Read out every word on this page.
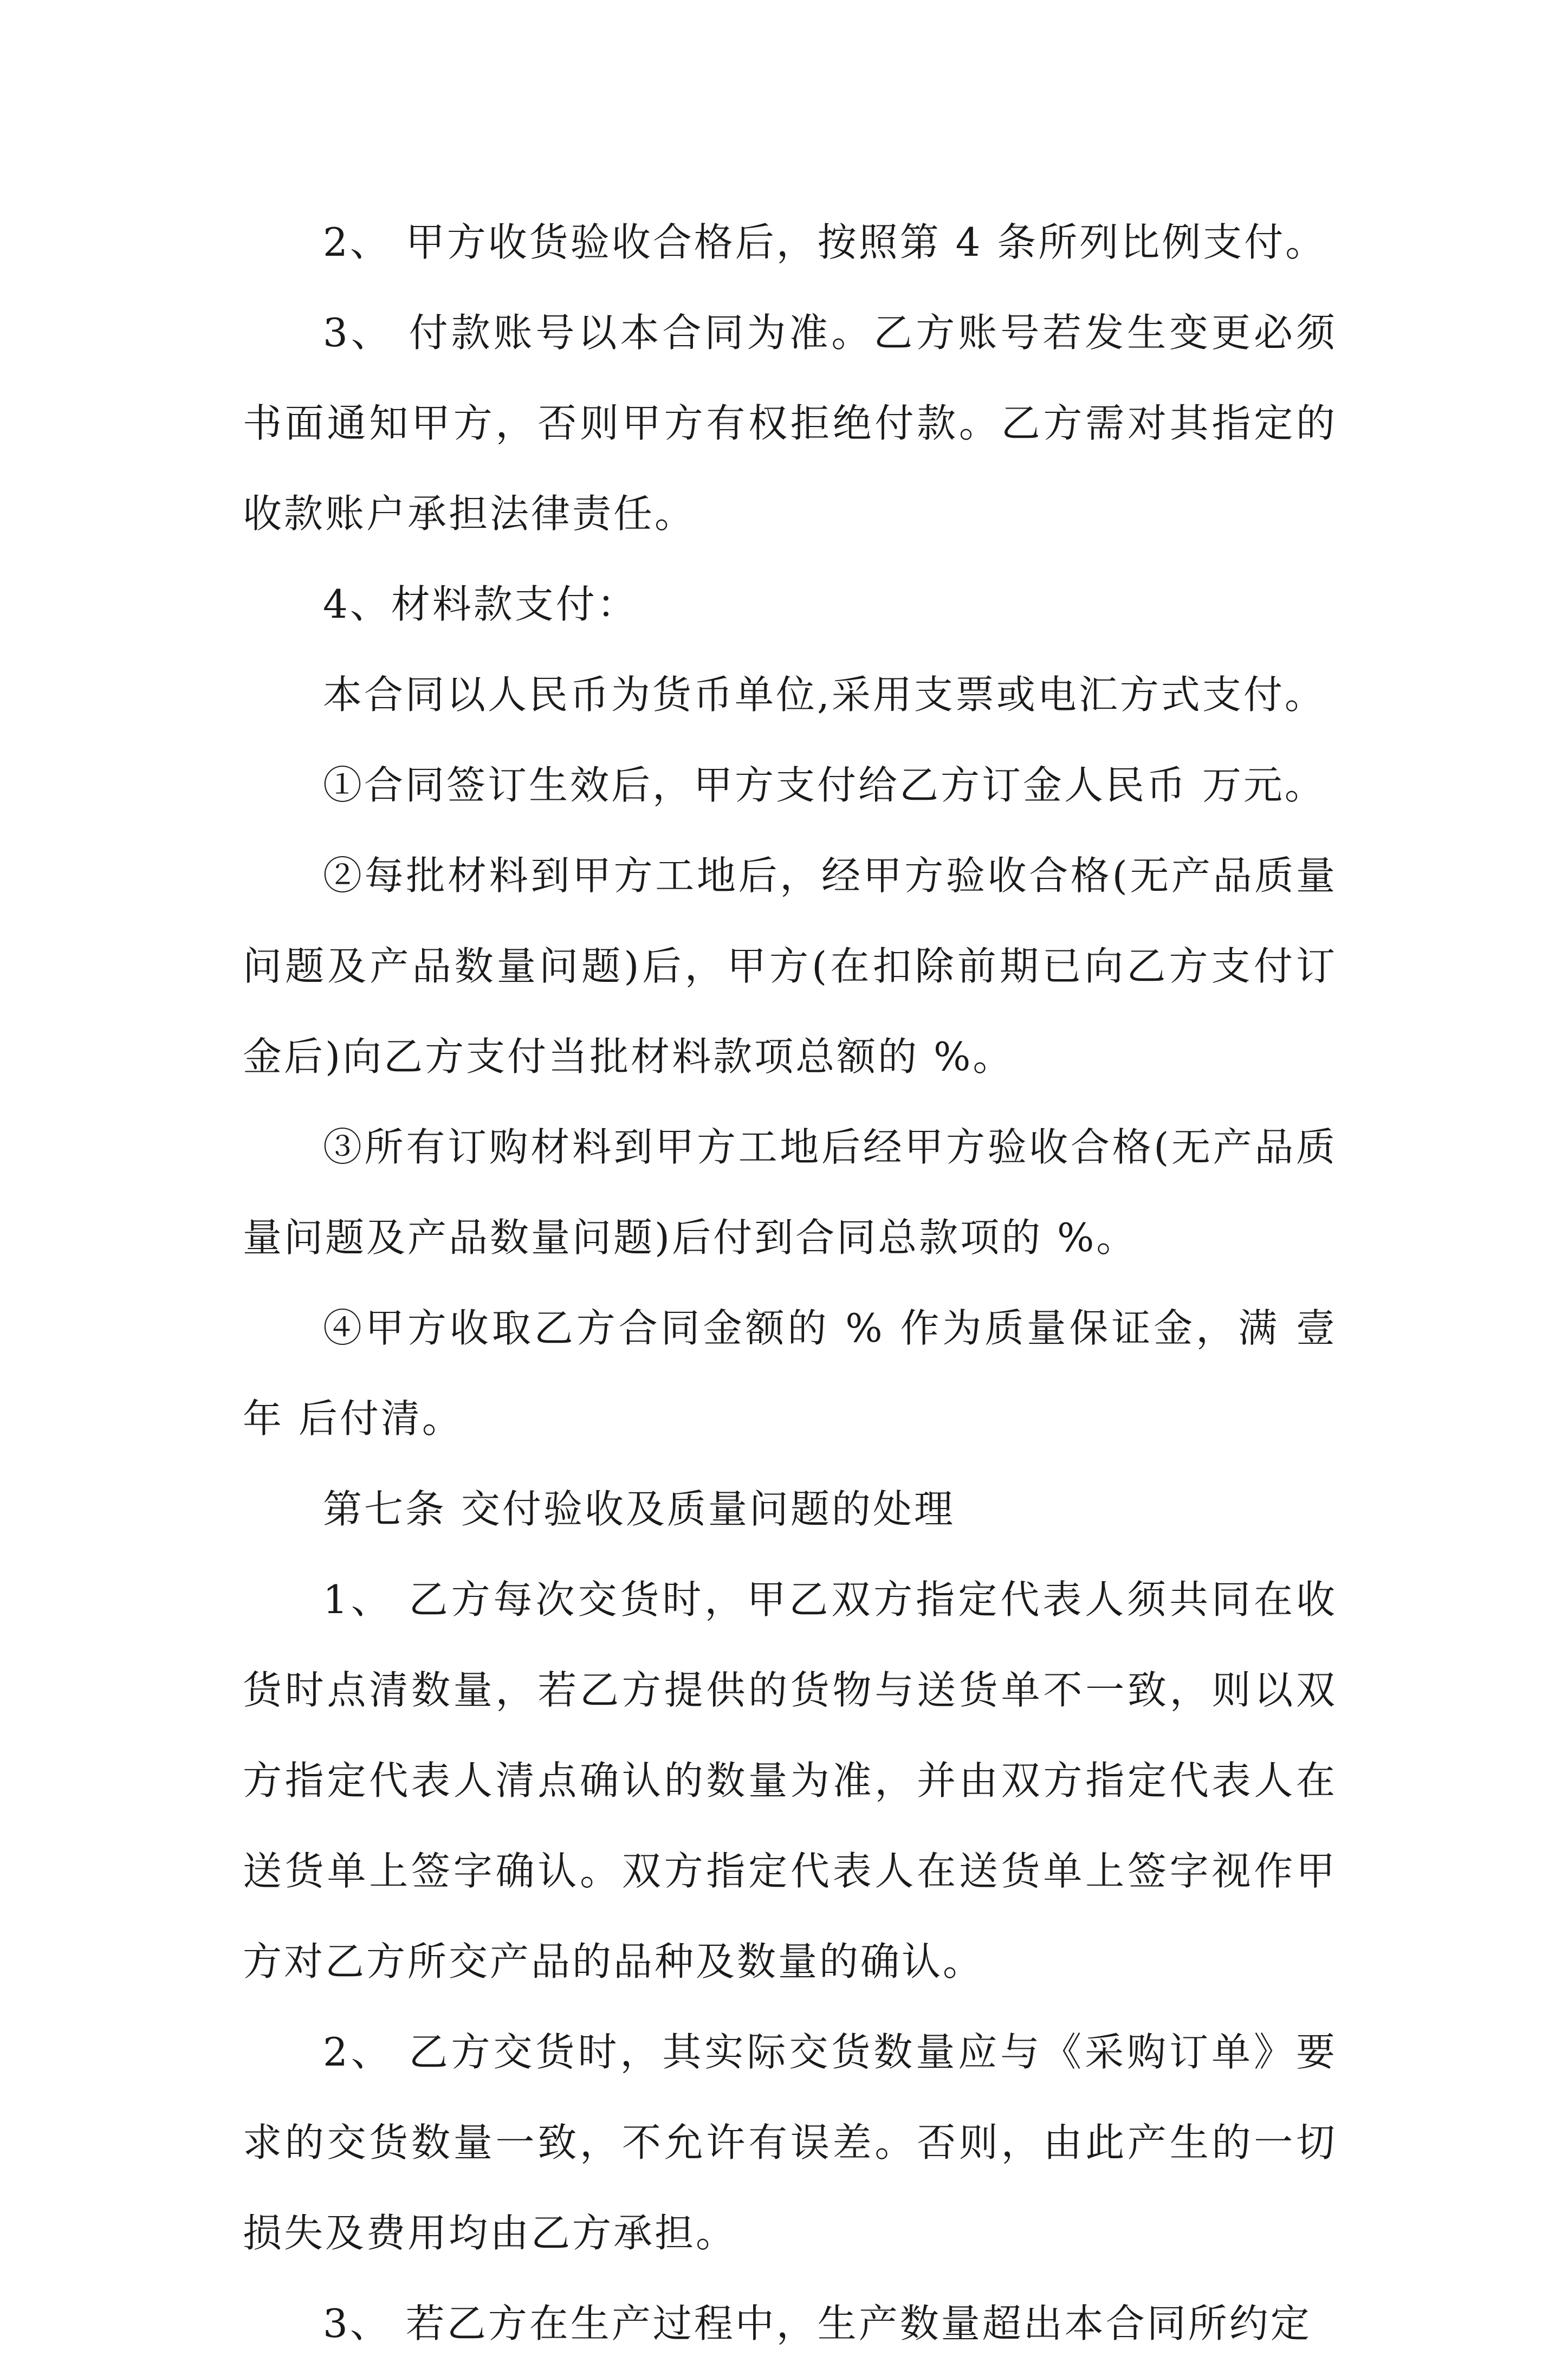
2、 甲方收货验收合格后，按照第 4 条所列比例支付。

3、 付款账号以本合同为准。乙方账号若发生变更必须书面通知甲方，否则甲方有权拒绝付款。乙方需对其指定的收款账户承担法律责任。

4、材料款支付：

本合同以人民币为货币单位,采用支票或电汇方式支付。

①合同签订生效后，甲方支付给乙方订金人民币 万元。

②每批材料到甲方工地后，经甲方验收合格(无产品质量问题及产品数量问题)后，甲方(在扣除前期已向乙方支付订金后)向乙方支付当批材料款项总额的 %。

③所有订购材料到甲方工地后经甲方验收合格(无产品质量问题及产品数量问题)后付到合同总款项的 %。

④甲方收取乙方合同金额的 % 作为质量保证金，满 壹 年 后付清。

第七条 交付验收及质量问题的处理

1、 乙方每次交货时，甲乙双方指定代表人须共同在收货时点清数量，若乙方提供的货物与送货单不一致，则以双方指定代表人清点确认的数量为准，并由双方指定代表人在送货单上签字确认。双方指定代表人在送货单上签字视作甲方对乙方所交产品的品种及数量的确认。

2、 乙方交货时，其实际交货数量应与《采购订单》要求的交货数量一致，不允许有误差。否则，由此产生的一切损失及费用均由乙方承担。

3、 若乙方在生产过程中，生产数量超出本合同所约定
